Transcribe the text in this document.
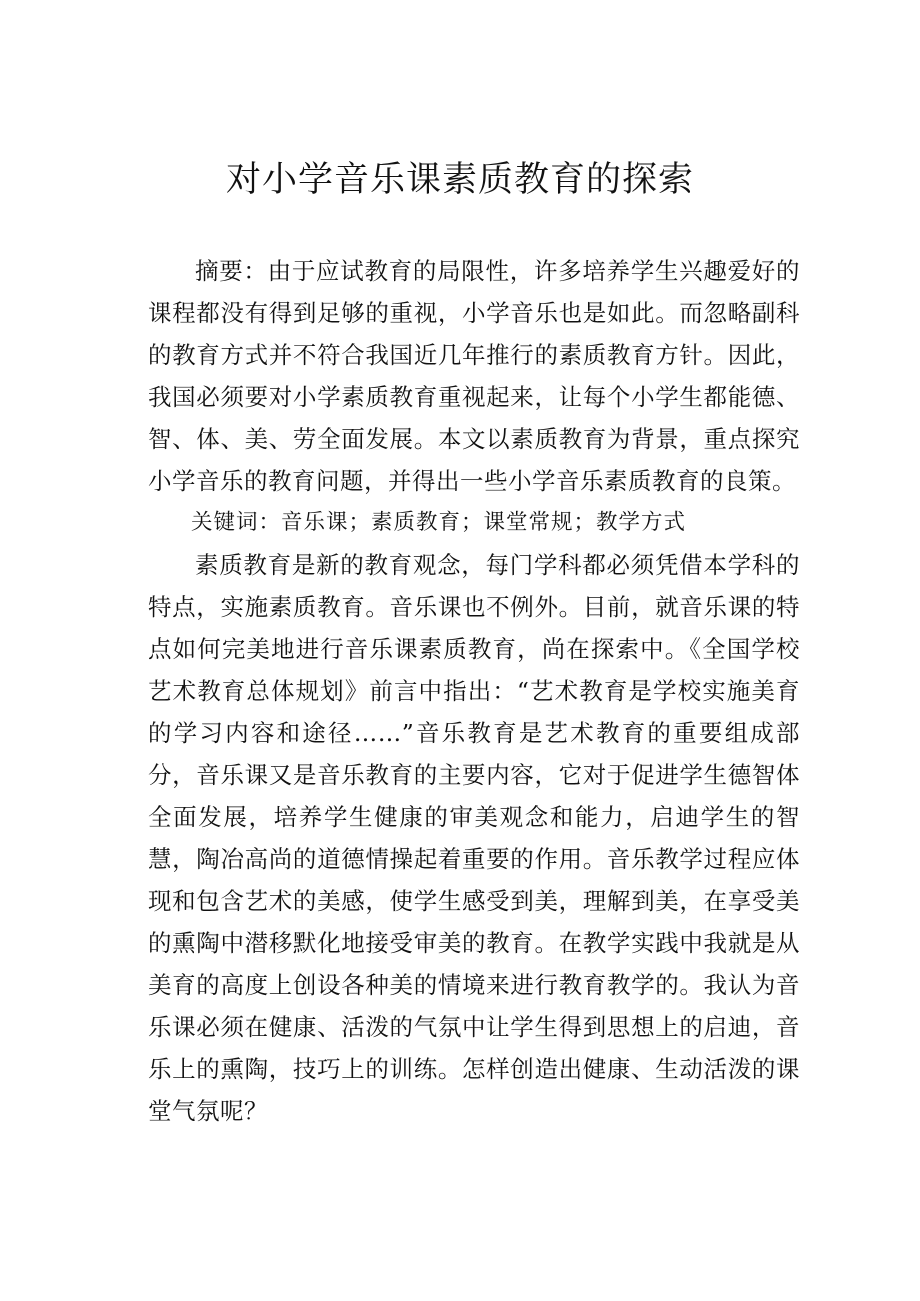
对小学音乐课素质教育的探索

摘要：由于应试教育的局限性，许多培养学生兴趣爱好的课程都没有得到足够的重视，小学音乐也是如此。而忽略副科的教育方式并不符合我国近几年推行的素质教育方针。因此，我国必须要对小学素质教育重视起来，让每个小学生都能德、智、体、美、劳全面发展。本文以素质教育为背景，重点探究小学音乐的教育问题，并得出一些小学音乐素质教育的良策。

关键词：音乐课；素质教育；课堂常规；教学方式

素质教育是新的教育观念，每门学科都必须凭借本学科的特点，实施素质教育。音乐课也不例外。目前，就音乐课的特点如何完美地进行音乐课素质教育，尚在探索中。《全国学校艺术教育总体规划》前言中指出：“艺术教育是学校实施美育的学习内容和途径……”音乐教育是艺术教育的重要组成部分，音乐课又是音乐教育的主要内容，它对于促进学生德智体全面发展，培养学生健康的审美观念和能力，启迪学生的智慧，陶冶高尚的道德情操起着重要的作用。音乐教学过程应体现和包含艺术的美感，使学生感受到美，理解到美，在享受美的熏陶中潜移默化地接受审美的教育。在教学实践中我就是从美育的高度上创设各种美的情境来进行教育教学的。我认为音乐课必须在健康、活泼的气氛中让学生得到思想上的启迪，音乐上的熏陶，技巧上的训练。怎样创造出健康、生动活泼的课堂气氛呢？
